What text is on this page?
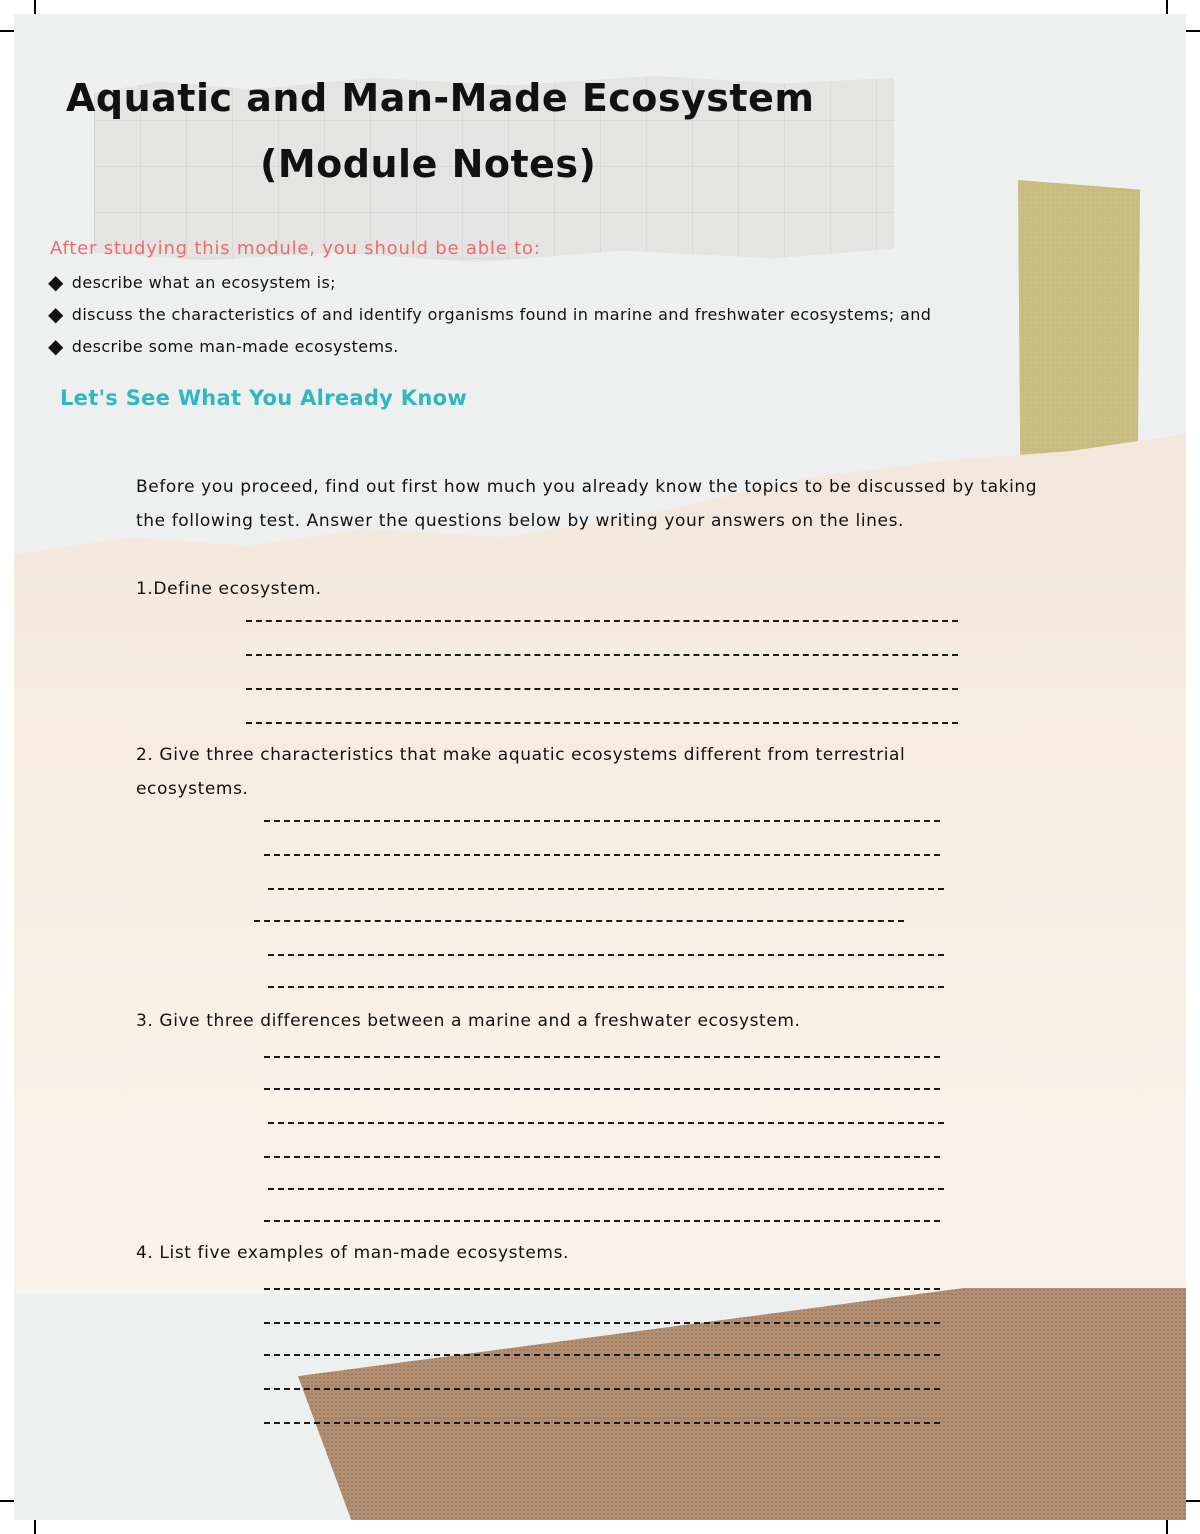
Aquatic and Man-Made Ecosystem
(Module Notes)
After studying this module, you should be able to:
◆ describe what an ecosystem is;
◆ discuss the characteristics of and identify organisms found in marine and freshwater ecosystems; and
◆ describe some man-made ecosystems.
Let's See What You Already Know
Before you proceed, find out first how much you already know the topics to be discussed by taking the following test. Answer the questions below by writing your answers on the lines.
1.Define ecosystem.
2. Give three characteristics that make aquatic ecosystems different from terrestrial ecosystems.
3. Give three differences between a marine and a freshwater ecosystem.
4. List five examples of man-made ecosystems.
